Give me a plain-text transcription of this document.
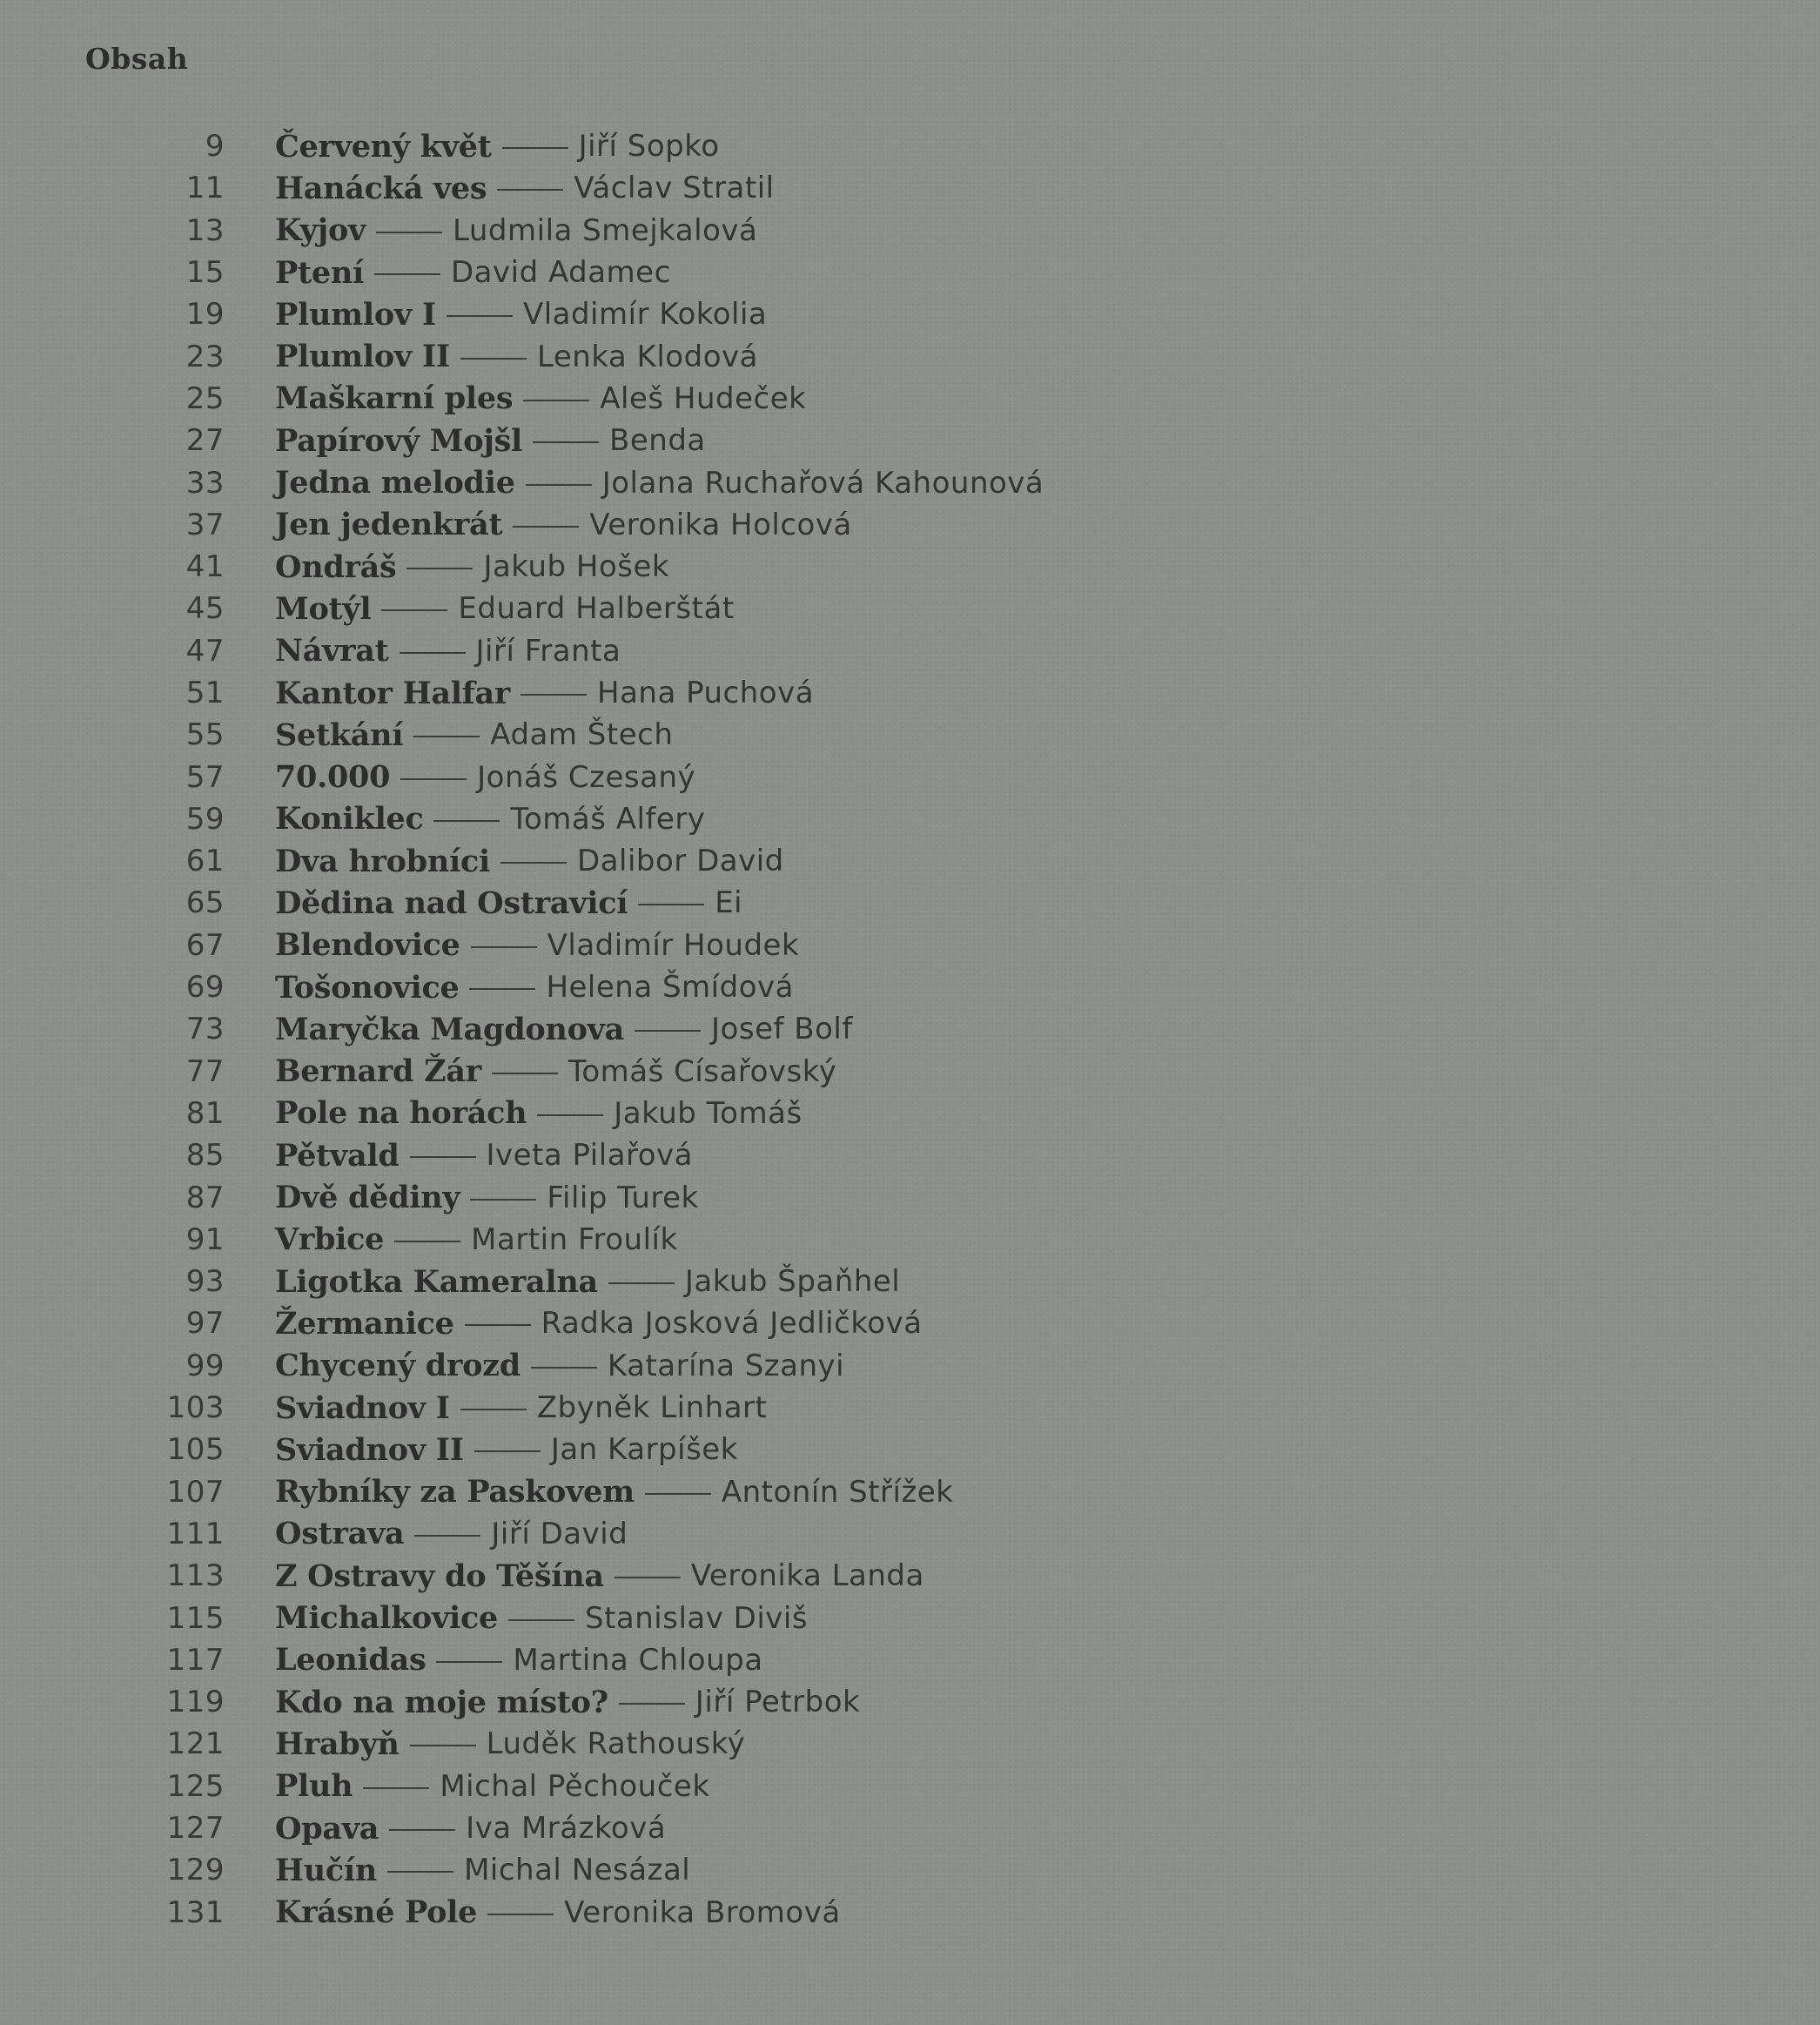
Obsah
9 Červený květ	Jiří Sopko
11 Hanácká ves	Václav Stratil
13 Kyjov	Ludmila Smejkalová
15 Ptení	David Adamec
19 Plumlov I	Vladimír Kokolia
23 Plumlov II	Lenka Klodová
25 Maškarní ples	Aleš Hudeček
27 Papírový Mojšl	Benda
33 Jedna melodie	Jolana Ruchařová Kahounová
37 Jen jedenkrát	Veronika Holcová
41 Ondráš	Jakub Hošek
45 Motýl	Eduard Halberštát
47 Návrat	Jiří Franta
51 Kantor Halfar	Hana Puchová
55 Setkání	Adam Štech
57 70.000	Jonáš Czesaný
59 Koniklec	Tomáš Alfery
61 Dva hrobníci	Dalibor David
65 Dědina nad Ostravicí	Ei
67 Blendovice	Vladimír Houdek
69 Tošonovice	Helena Šmídová
73 Maryčka Magdonova	Josef Bolf
77 Bernard Žár	Tomáš Císařovský
81 Pole na horách	Jakub Tomáš
85 Pětvald	Iveta Pilařová
87 Dvě dědiny	Filip Turek
91 Vrbice	Martin Froulík
93 Ligotka Kameralna	Jakub Špaňhel
97 Žermanice	Radka Josková Jedličková
99 Chycený drozd	Katarína Szanyi
103 Sviadnov I	Zbyněk Linhart
105 Sviadnov II	Jan Karpíšek
107 Rybníky za Paskovem	Antonín Střížek
111 Ostrava	Jiří David
113 Z Ostravy do Těšína	Veronika Landa
115 Michalkovice	Stanislav Diviš
117 Leonidas	Martina Chloupa
119 Kdo na moje místo?	Jiří Petrbok
121 Hrabyň	Luděk Rathouský
125 Pluh	Michal Pěchouček
127 Opava	Iva Mrázková
129 Hučín	Michal Nesázal
131 Krásné Pole	Veronika Bromová
